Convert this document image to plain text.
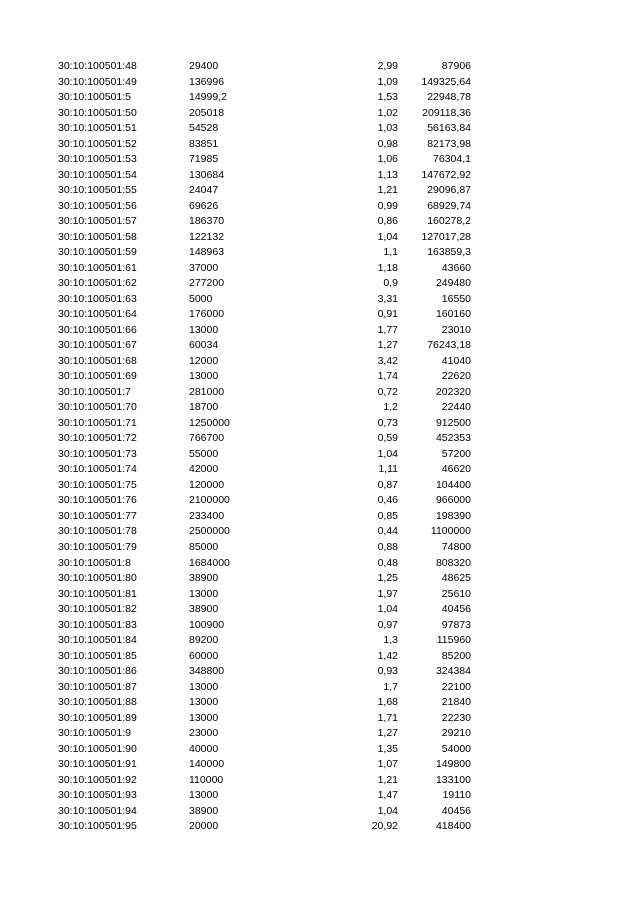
30:10:100501:48	29400	2,99	87906
30:10:100501:49	136996	1,09 149325,64
30:10:100501:5	14999,2	1,53	22948,78
30:10:100501:50	205018	1,02 209118,36
30:10:100501:51	54528	1,03	56163,84
30:10:100501:52	83851	0,98	82173,98
30:10:100501:53	71985	1,06	76304,1
30:10:100501:54	130684	1,13 147672,92
30:10:100501:55	24047	1,21	29096,87
30:10:100501:56	69626	0,99	68929,74
30:10:100501:57	186370	0,86	160278,2
30:10:100501:58	122132	1,04 127017,28
30:10:100501:59	148963	1,1	163859,3
30:10:100501:61	37000	1,18	43660
30:10:100501:62	277200	0,9	249480
30:10:100501:63	5000	3,31	16550
30:10:100501:64	176000	0,91	160160
30:10:100501:66	13000	1,77	23010
30:10:100501:67	60034	1,27	76243,18
30:10:100501:68	12000	3,42	41040
30:10:100501:69	13000	1,74	22620
30:10:100501:7	281000	0,72	202320
30:10:100501:70	18700	1,2	22440
30:10:100501:71	1250000	0,73	912500
30:10:100501:72	766700	0,59	452353
30:10:100501:73	55000	1,04	57200
30:10:100501:74	42000	1,11	46620
30:10:100501:75	120000	0,87	104400
30:10:100501:76	2100000	0,46	966000
30:10:100501:77	233400	0,85	198390
30:10:100501:78	2500000	0,44	1100000
30:10:100501:79	85000	0,88	74800
30:10:100501:8	1684000	0,48	808320
30:10:100501:80	38900	1,25	48625
30:10:100501:81	13000	1,97	25610
30:10:100501:82	38900	1,04	40456
30:10:100501:83	100900	0,97	97873
30:10:100501:84	89200	1,3	115960
30:10:100501:85	60000	1,42	85200
30:10:100501:86	348800	0,93	324384
30:10:100501:87	13000	1,7	22100
30:10:100501:88	13000	1,68	21840
30:10:100501:89	13000	1,71	22230
30:10:100501:9	23000	1,27	29210
30:10:100501:90	40000	1,35	54000
30:10:100501:91	140000	1,07	149800
30:10:100501:92	110000	1,21	133100
30:10:100501:93	13000	1,47	19110
30:10:100501:94	38900	1,04	40456
30:10:100501:95	20000	20,92	418400
